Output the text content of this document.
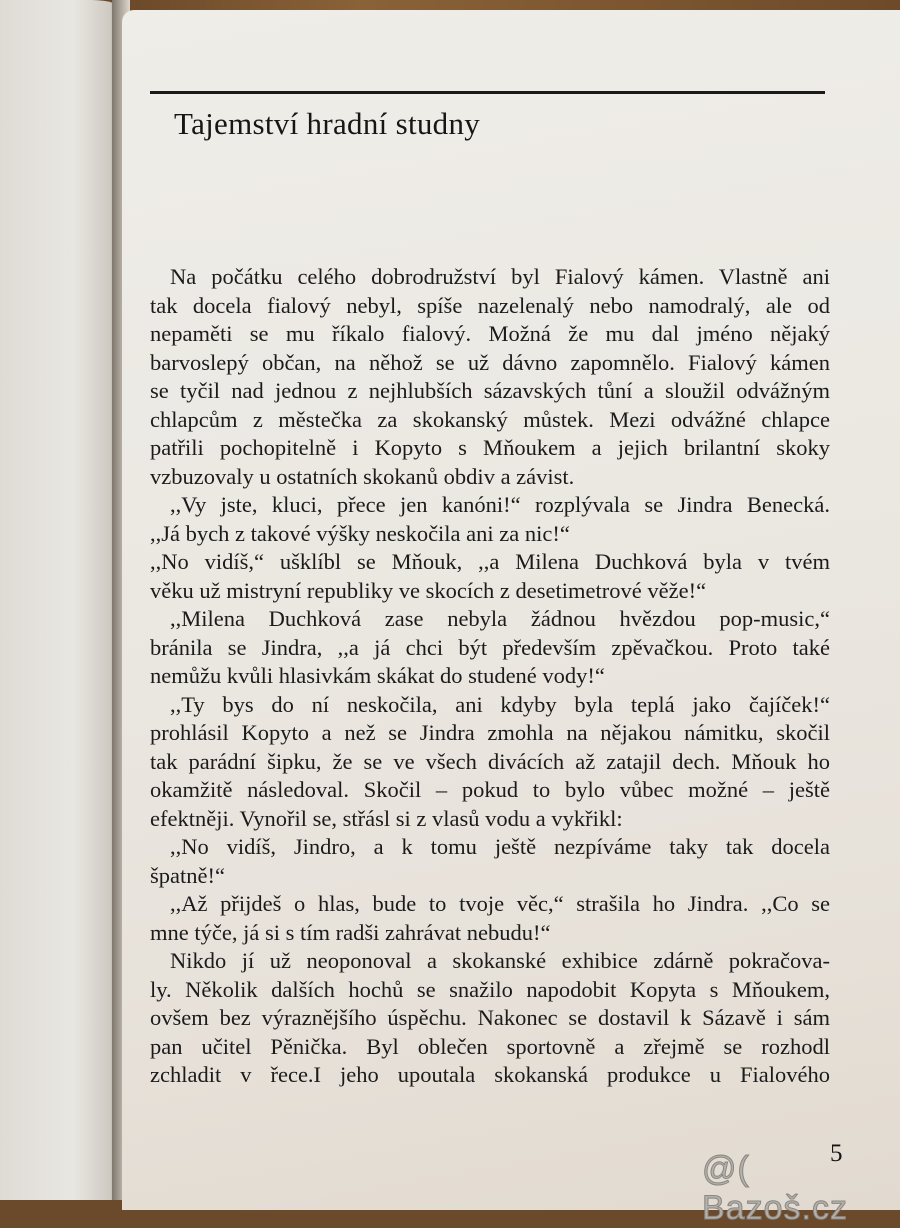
Tajemství hradní studny
Na počátku celého dobrodružství byl Fialový kámen. Vlastně ani
tak docela fialový nebyl, spíše nazelenalý nebo namodralý, ale od
nepaměti se mu říkalo fialový. Možná že mu dal jméno nějaký
barvoslepý občan, na něhož se už dávno zapomnělo. Fialový kámen
se tyčil nad jednou z nejhlubších sázavských tůní a sloužil odvážným
chlapcům z městečka za skokanský můstek. Mezi odvážné chlapce
patřili pochopitelně i Kopyto s Mňoukem a jejich brilantní skoky
vzbuzovaly u ostatních skokanů obdiv a závist.
,,Vy jste, kluci, přece jen kanóni!“ rozplývala se Jindra Benecká.
,,Já bych z takové výšky neskočila ani za nic!“
,,No vidíš,“ ušklíbl se Mňouk, ,,a Milena Duchková byla v tvém
věku už mistryní republiky ve skocích z desetimetrové věže!“
,,Milena Duchková zase nebyla žádnou hvězdou pop-music,“
bránila se Jindra, ,,a já chci být především zpěvačkou. Proto také
nemůžu kvůli hlasivkám skákat do studené vody!“
,,Ty bys do ní neskočila, ani kdyby byla teplá jako čajíček!“
prohlásil Kopyto a než se Jindra zmohla na nějakou námitku, skočil
tak parádní šipku, že se ve všech divácích až zatajil dech. Mňouk ho
okamžitě následoval. Skočil – pokud to bylo vůbec možné – ještě
efektněji. Vynořil se, střásl si z vlasů vodu a vykřikl:
,,No vidíš, Jindro, a k tomu ještě nezpíváme taky tak docela
špatně!“
,,Až přijdeš o hlas, bude to tvoje věc,“ strašila ho Jindra. ,,Co se
mne týče, já si s tím radši zahrávat nebudu!“
Nikdo jí už neoponoval a skokanské exhibice zdárně pokračova-
ly. Několik dalších hochů se snažilo napodobit Kopyta s Mňoukem,
ovšem bez výraznějšího úspěchu. Nakonec se dostavil k Sázavě i sám
pan učitel Pěnička. Byl oblečen sportovně a zřejmě se rozhodl
zchladit v řece.I jeho upoutala skokanská produkce u Fialového
5
@( Bazoš.cz
